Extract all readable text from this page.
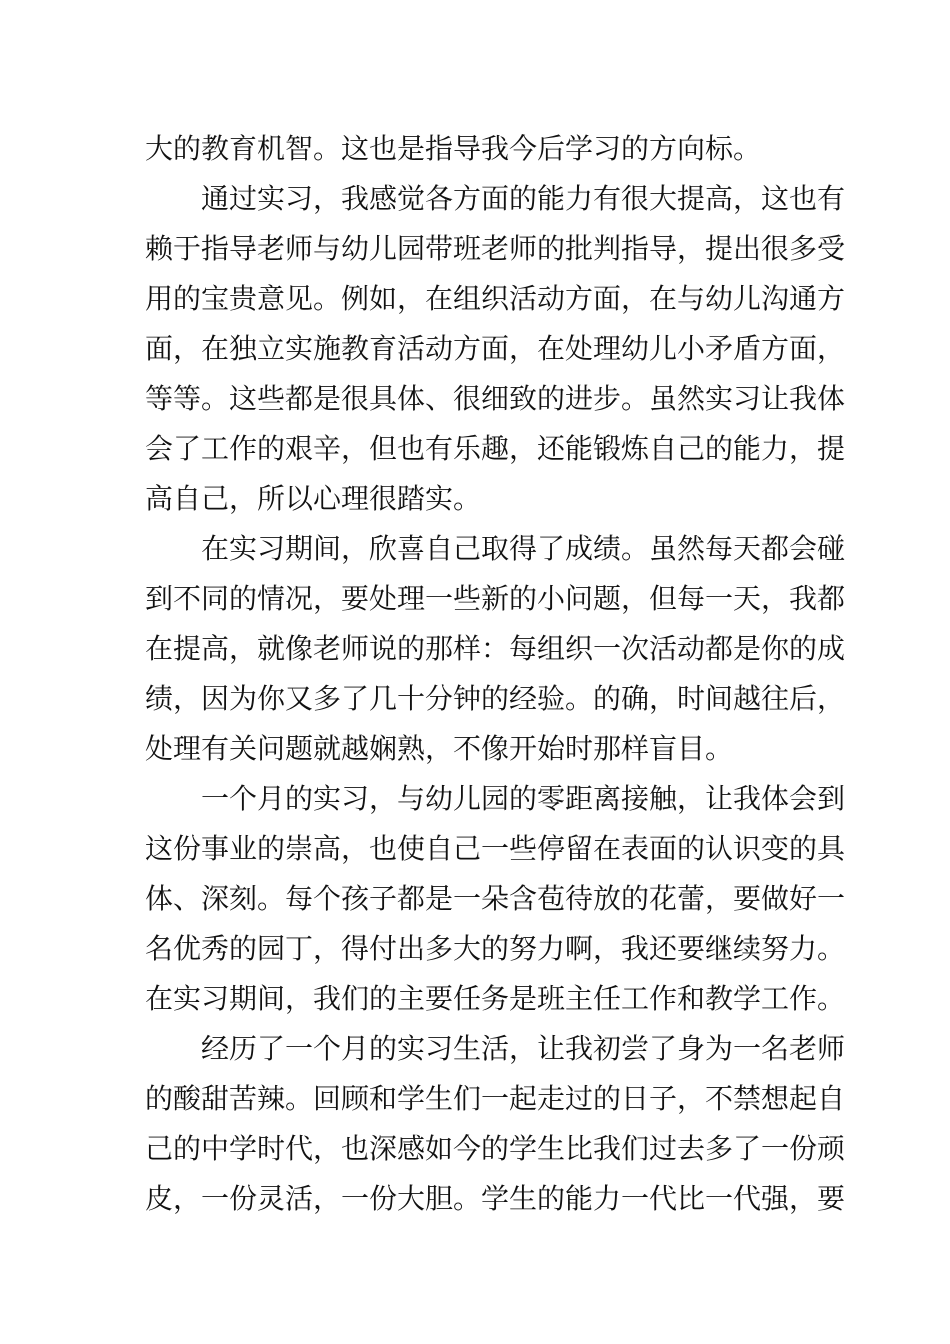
大的教育机智。这也是指导我今后学习的方向标。
通过实习，我感觉各方面的能力有很大提高，这也有
赖于指导老师与幼儿园带班老师的批判指导，提出很多受
用的宝贵意见。例如，在组织活动方面，在与幼儿沟通方
面，在独立实施教育活动方面，在处理幼儿小矛盾方面，
等等。这些都是很具体、很细致的进步。虽然实习让我体
会了工作的艰辛，但也有乐趣，还能锻炼自己的能力，提
高自己，所以心理很踏实。
在实习期间，欣喜自己取得了成绩。虽然每天都会碰
到不同的情况，要处理一些新的小问题，但每一天，我都
在提高，就像老师说的那样：每组织一次活动都是你的成
绩，因为你又多了几十分钟的经验。的确，时间越往后，
处理有关问题就越娴熟，不像开始时那样盲目。
一个月的实习，与幼儿园的零距离接触，让我体会到
这份事业的崇高，也使自己一些停留在表面的认识变的具
体、深刻。每个孩子都是一朵含苞待放的花蕾，要做好一
名优秀的园丁，得付出多大的努力啊，我还要继续努力。
在实习期间，我们的主要任务是班主任工作和教学工作。
经历了一个月的实习生活，让我初尝了身为一名老师
的酸甜苦辣。回顾和学生们一起走过的日子，不禁想起自
己的中学时代，也深感如今的学生比我们过去多了一份顽
皮，一份灵活，一份大胆。学生的能力一代比一代强，要
